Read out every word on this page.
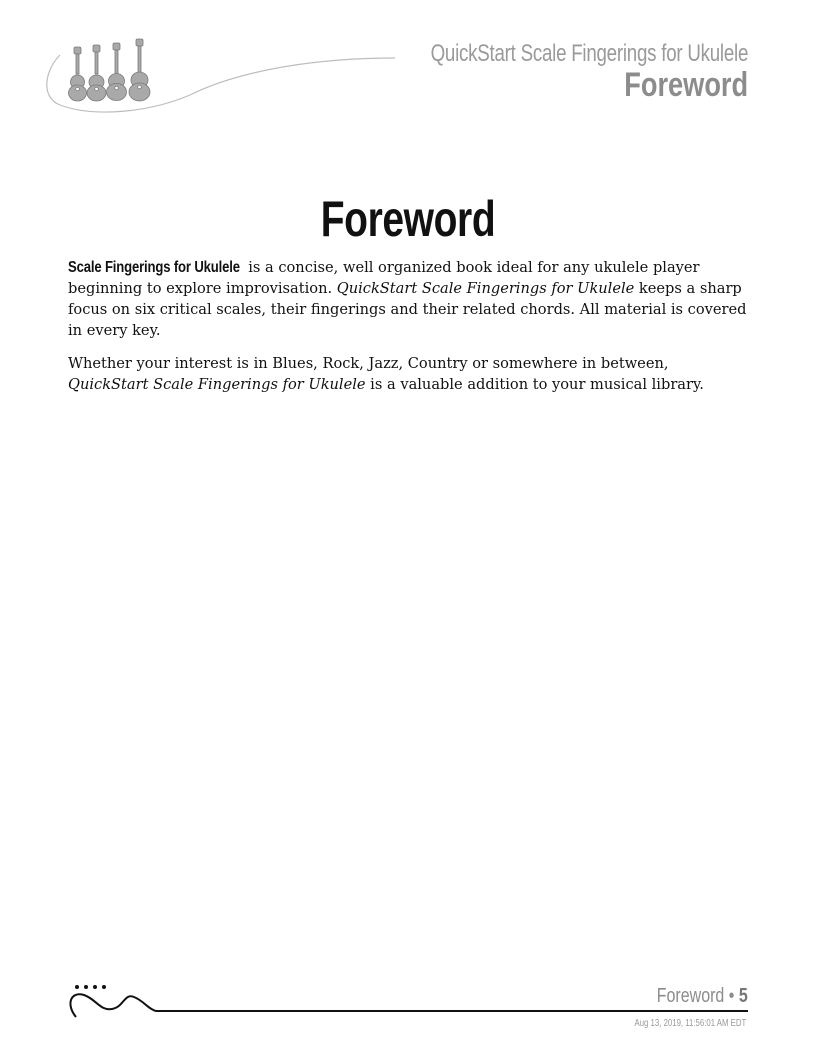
QuickStart Scale Fingerings for Ukulele
Foreword
Foreword

Scale Fingerings for Ukulele is a concise, well organized book ideal for any ukulele player beginning to explore improvisation. QuickStart Scale Fingerings for Ukulele keeps a sharp focus on six critical scales, their fingerings and their related chords. All material is covered in every key.

Whether your interest is in Blues, Rock, Jazz, Country or somewhere in between, QuickStart Scale Fingerings for Ukulele is a valuable addition to your musical library.

Foreword • 5
Aug 13, 2019, 11:56:01 AM EDT
